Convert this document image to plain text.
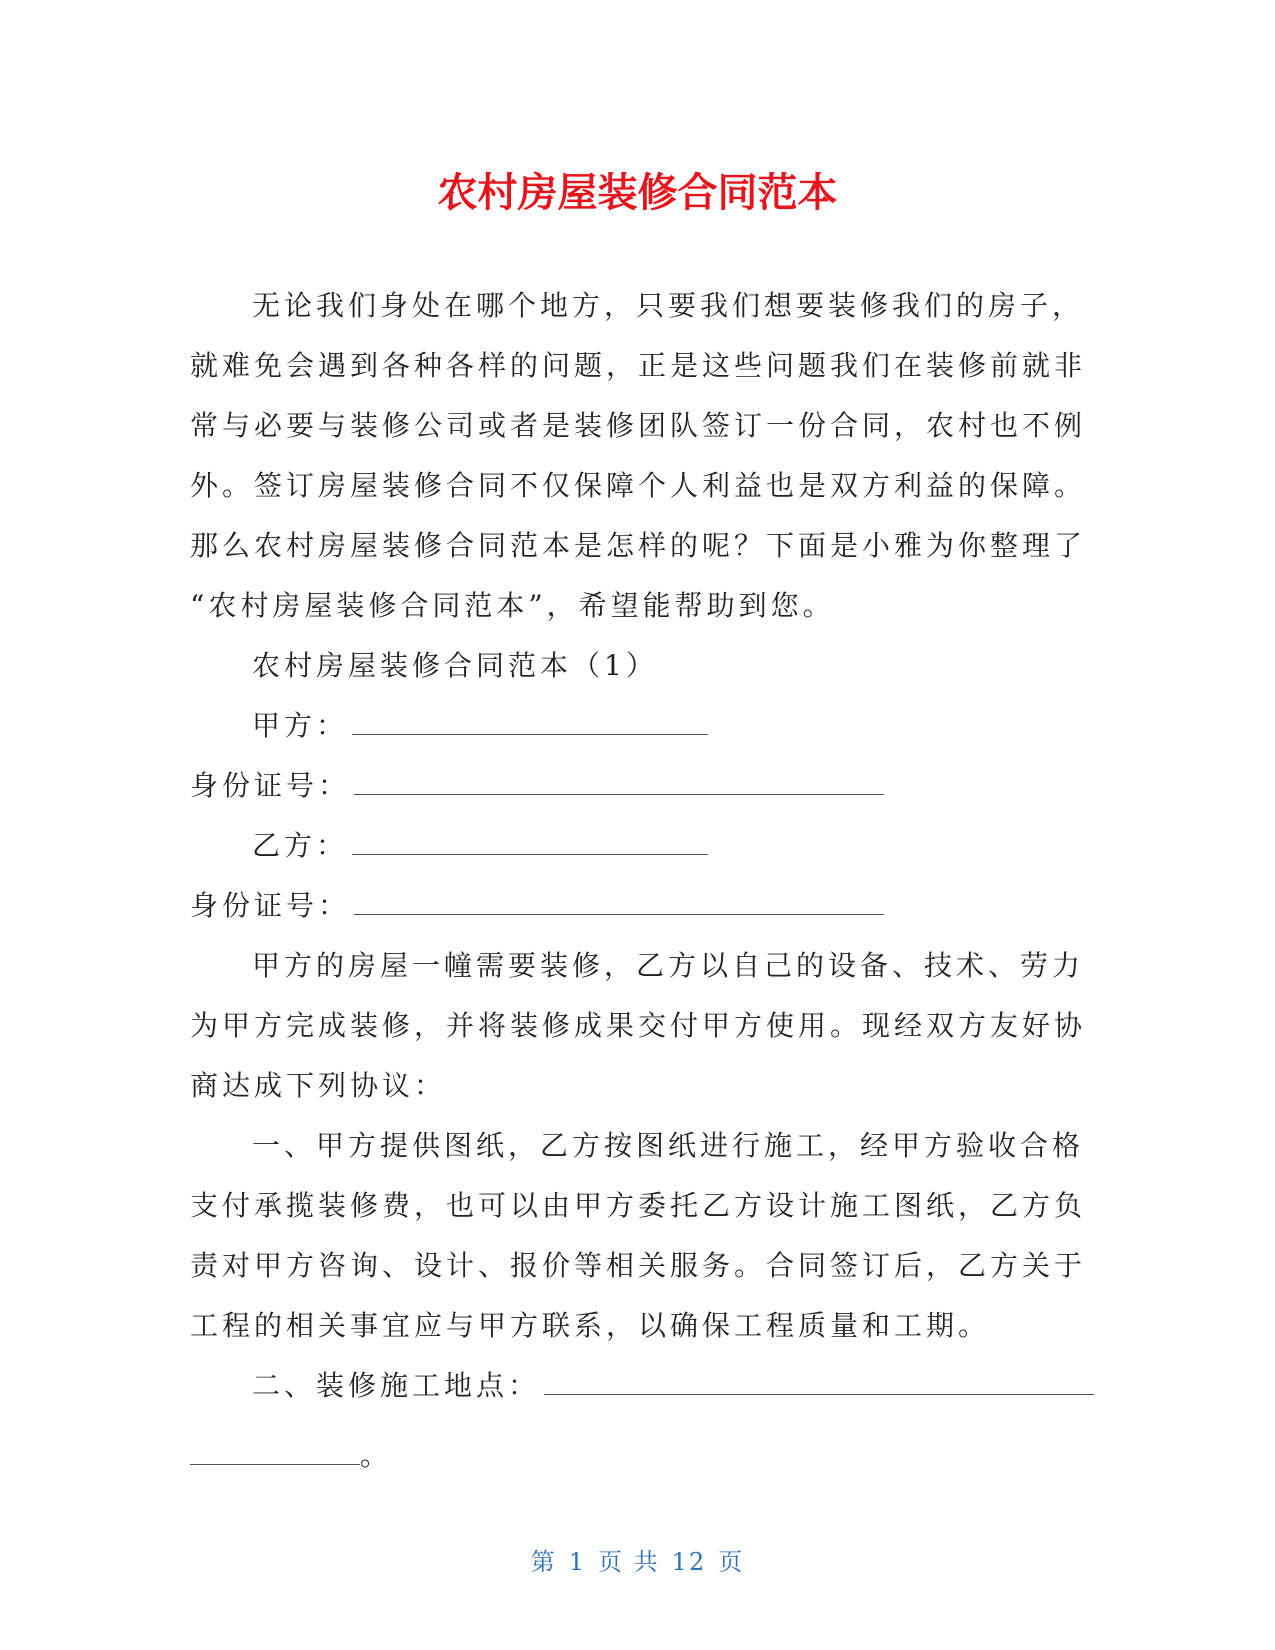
农村房屋装修合同范本
无论我们身处在哪个地方，只要我们想要装修我们的房子，
就难免会遇到各种各样的问题，正是这些问题我们在装修前就非
常与必要与装修公司或者是装修团队签订一份合同，农村也不例
外。签订房屋装修合同不仅保障个人利益也是双方利益的保障。
那么农村房屋装修合同范本是怎样的呢？下面是小雅为你整理了
“农村房屋装修合同范本”，希望能帮助到您。
农村房屋装修合同范本（1）
甲方：
身份证号：
乙方：
身份证号：
甲方的房屋一幢需要装修，乙方以自己的设备、技术、劳力
为甲方完成装修，并将装修成果交付甲方使用。现经双方友好协
商达成下列协议：
一、甲方提供图纸，乙方按图纸进行施工，经甲方验收合格
支付承揽装修费，也可以由甲方委托乙方设计施工图纸，乙方负
责对甲方咨询、设计、报价等相关服务。合同签订后，乙方关于
工程的相关事宜应与甲方联系，以确保工程质量和工期。
二、装修施工地点：
。
第 1 页 共 12 页
